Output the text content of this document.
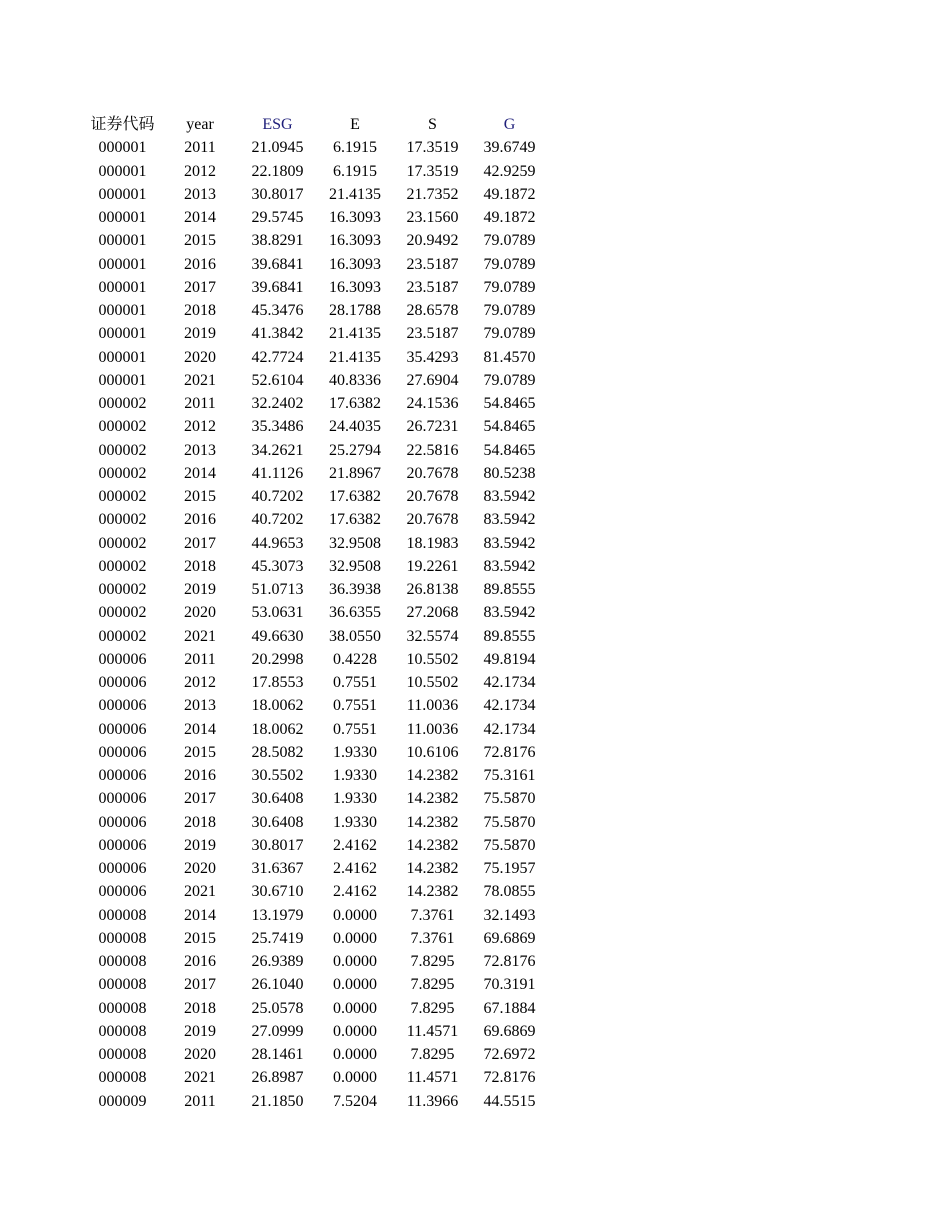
证券代码	year	ESG	E	S	G
000001	2011	21.0945	6.1915	17.3519	39.6749
000001	2012	22.1809	6.1915	17.3519	42.9259
000001	2013	30.8017	21.4135	21.7352	49.1872
000001	2014	29.5745	16.3093	23.1560	49.1872
000001	2015	38.8291	16.3093	20.9492	79.0789
000001	2016	39.6841	16.3093	23.5187	79.0789
000001	2017	39.6841	16.3093	23.5187	79.0789
000001	2018	45.3476	28.1788	28.6578	79.0789
000001	2019	41.3842	21.4135	23.5187	79.0789
000001	2020	42.7724	21.4135	35.4293	81.4570
000001	2021	52.6104	40.8336	27.6904	79.0789
000002	2011	32.2402	17.6382	24.1536	54.8465
000002	2012	35.3486	24.4035	26.7231	54.8465
000002	2013	34.2621	25.2794	22.5816	54.8465
000002	2014	41.1126	21.8967	20.7678	80.5238
000002	2015	40.7202	17.6382	20.7678	83.5942
000002	2016	40.7202	17.6382	20.7678	83.5942
000002	2017	44.9653	32.9508	18.1983	83.5942
000002	2018	45.3073	32.9508	19.2261	83.5942
000002	2019	51.0713	36.3938	26.8138	89.8555
000002	2020	53.0631	36.6355	27.2068	83.5942
000002	2021	49.6630	38.0550	32.5574	89.8555
000006	2011	20.2998	0.4228	10.5502	49.8194
000006	2012	17.8553	0.7551	10.5502	42.1734
000006	2013	18.0062	0.7551	11.0036	42.1734
000006	2014	18.0062	0.7551	11.0036	42.1734
000006	2015	28.5082	1.9330	10.6106	72.8176
000006	2016	30.5502	1.9330	14.2382	75.3161
000006	2017	30.6408	1.9330	14.2382	75.5870
000006	2018	30.6408	1.9330	14.2382	75.5870
000006	2019	30.8017	2.4162	14.2382	75.5870
000006	2020	31.6367	2.4162	14.2382	75.1957
000006	2021	30.6710	2.4162	14.2382	78.0855
000008	2014	13.1979	0.0000	7.3761	32.1493
000008	2015	25.7419	0.0000	7.3761	69.6869
000008	2016	26.9389	0.0000	7.8295	72.8176
000008	2017	26.1040	0.0000	7.8295	70.3191
000008	2018	25.0578	0.0000	7.8295	67.1884
000008	2019	27.0999	0.0000	11.4571	69.6869
000008	2020	28.1461	0.0000	7.8295	72.6972
000008	2021	26.8987	0.0000	11.4571	72.8176
000009	2011	21.1850	7.5204	11.3966	44.5515
